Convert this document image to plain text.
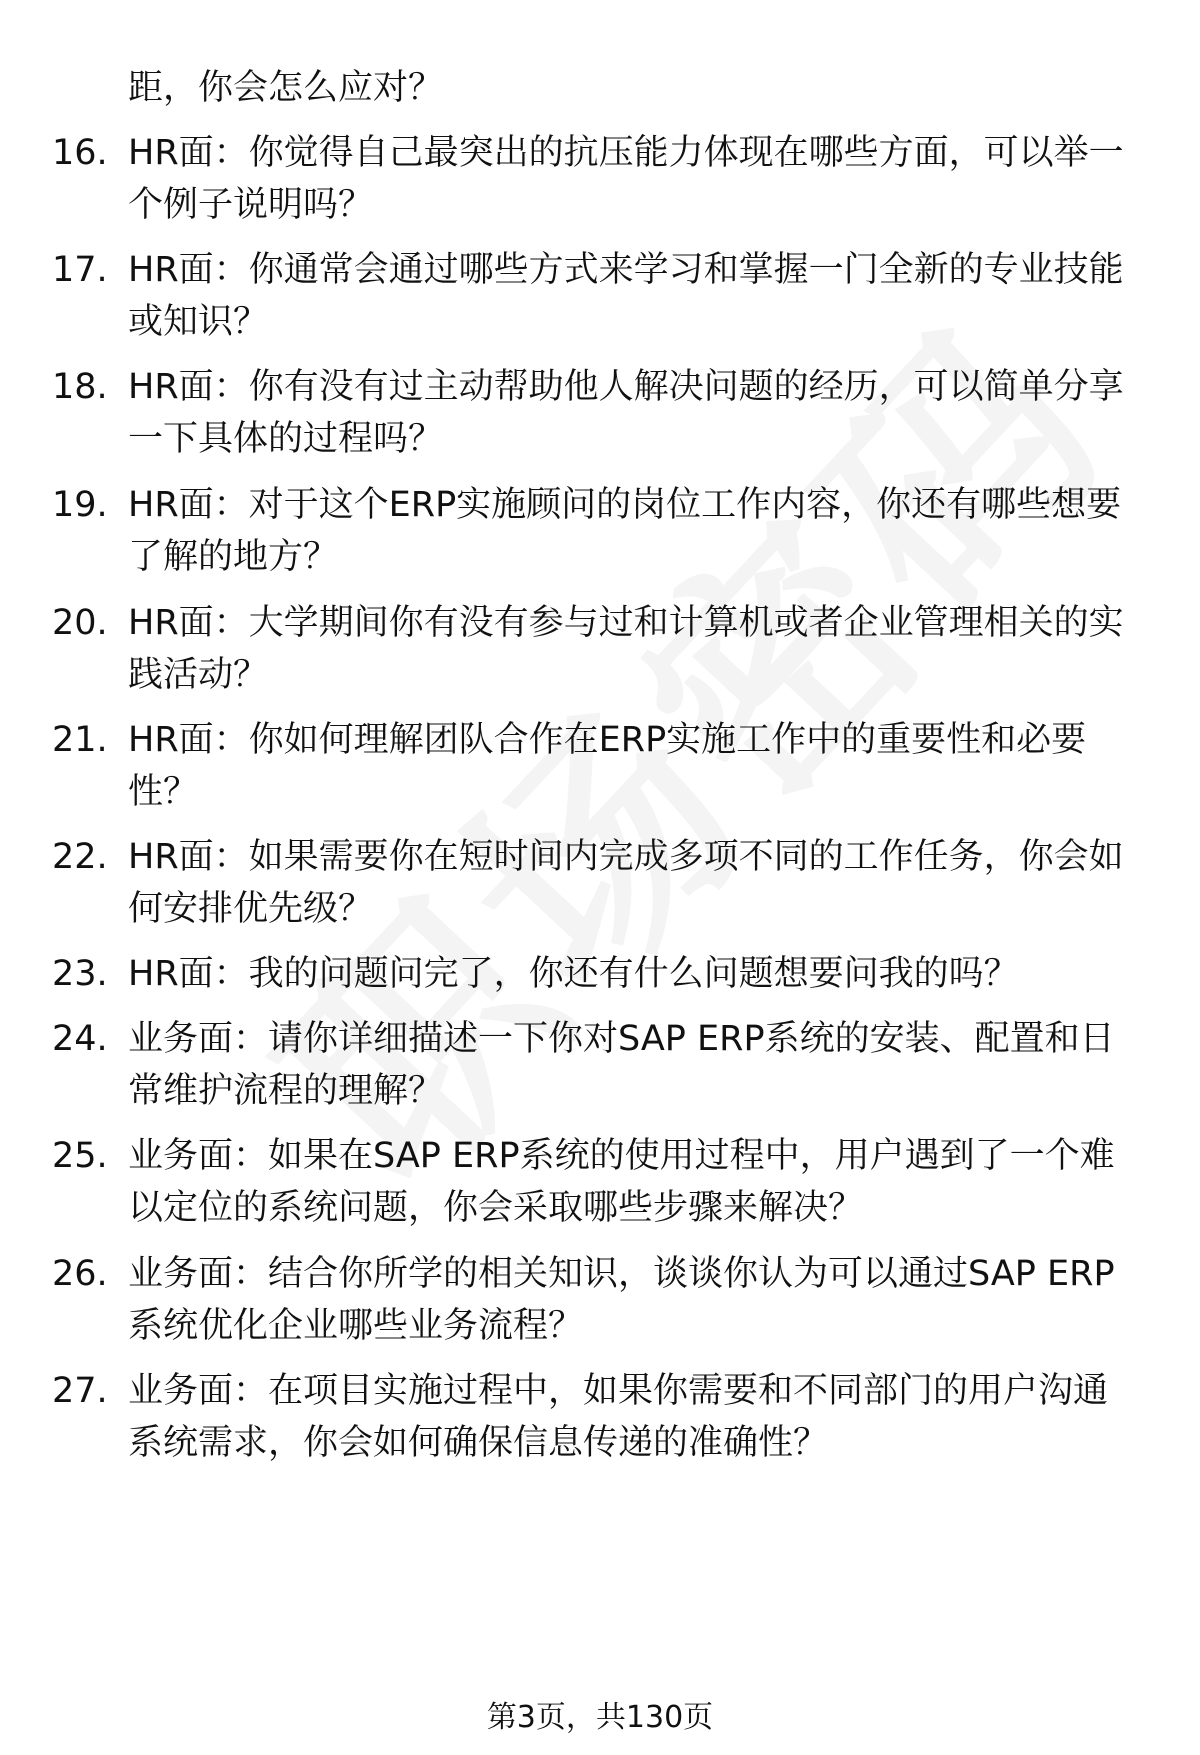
距，你会怎么应对？
16. HR面：你觉得自己最突出的抗压能力体现在哪些方面，可以举一
个例子说明吗？
17. HR面：你通常会通过哪些方式来学习和掌握一门全新的专业技能
或知识？
18. HR面：你有没有过主动帮助他人解决问题的经历，可以简单分享
一下具体的过程吗？
19. HR面：对于这个ERP实施顾问的岗位工作内容，你还有哪些想要
了解的地方？
20. HR面：大学期间你有没有参与过和计算机或者企业管理相关的实
践活动？
21. HR面：你如何理解团队合作在ERP实施工作中的重要性和必要
性？
22. HR面：如果需要你在短时间内完成多项不同的工作任务，你会如
何安排优先级？
23. HR面：我的问题问完了，你还有什么问题想要问我的吗？
24. 业务面：请你详细描述一下你对SAP ERP系统的安装、配置和日
常维护流程的理解？
25. 业务面：如果在SAP ERP系统的使用过程中，用户遇到了一个难
以定位的系统问题，你会采取哪些步骤来解决？
26. 业务面：结合你所学的相关知识，谈谈你认为可以通过SAP ERP
系统优化企业哪些业务流程？
27. 业务面：在项目实施过程中，如果你需要和不同部门的用户沟通
系统需求，你会如何确保信息传递的准确性？
第3页，共130页
